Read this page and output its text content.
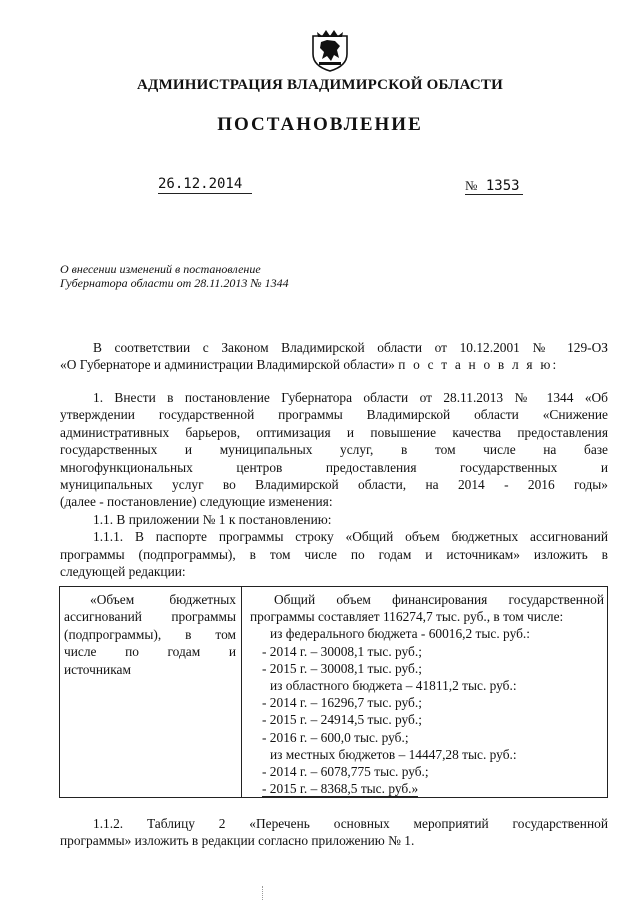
АДМИНИСТРАЦИЯ ВЛАДИМИРСКОЙ ОБЛАСТИ
ПОСТАНОВЛЕНИЕ
26.12.2014	№ 1353
О внесении изменений в постановление
Губернатора области от 28.11.2013 № 1344

В соответствии с Законом Владимирской области от 10.12.2001 № 129-ОЗ

«О Губернаторе и администрации Владимирской области» п о с т а н о в л я ю:

1. Внести в постановление Губернатора области от 28.11.2013 № 1344 «Об

утверждении государственной программы Владимирской области «Снижение

административных барьеров, оптимизация и повышение качества предоставления

государственных и муниципальных услуг, в том числе на базе

многофункциональных центров предоставления государственных и

муниципальных услуг во Владимирской области, на 2014 - 2016 годы»

(далее - постановление) следующие изменения:

1.1. В приложении № 1 к постановлению:

1.1.1. В паспорте программы строку «Общий объем бюджетных ассигнований

программы (подпрограммы), в том числе по годам и источникам» изложить в

следующей редакции:

«Объем бюджетных
ассигнований программы
(подпрограммы), в том
числе по годам и
источникам
Общий объем финансирования государственной
программы составляет 116274,7 тыс. руб., в том числе:
из федерального бюджета - 60016,2 тыс. руб.:
- 2014 г. – 30008,1 тыс. руб.;
- 2015 г. – 30008,1 тыс. руб.;
из областного бюджета – 41811,2 тыс. руб.:
- 2014 г. – 16296,7 тыс. руб.;
- 2015 г. – 24914,5 тыс. руб.;
- 2016 г. – 600,0 тыс. руб.;
из местных бюджетов – 14447,28 тыс. руб.:
- 2014 г. – 6078,775 тыс. руб.;
- 2015 г. – 8368,5 тыс. руб.»

1.1.2. Таблицу 2 «Перечень основных мероприятий государственной

программы» изложить в редакции согласно приложению № 1.
